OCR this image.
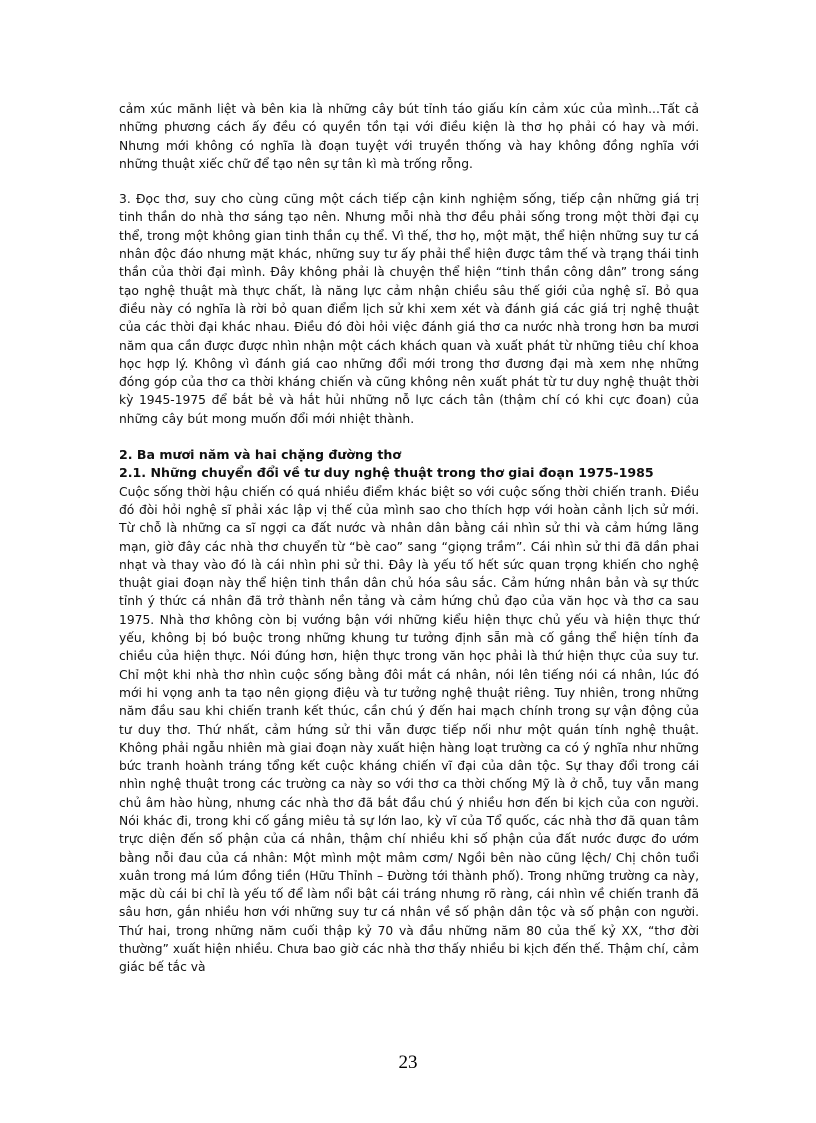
cảm xúc mãnh liệt và bên kia là những cây bút tỉnh táo giấu kín cảm xúc của mình...Tất cả những phương cách ấy đều có quyền tồn tại với điều kiện là thơ họ phải có hay và mới. Nhưng mới không có nghĩa là đoạn tuyệt với truyền thống và hay không đồng nghĩa với những thuật xiếc chữ để tạo nên sự tân kì mà trống rỗng.

3. Đọc thơ, suy cho cùng cũng một cách tiếp cận kinh nghiệm sống, tiếp cận những giá trị tinh thần do nhà thơ sáng tạo nên. Nhưng mỗi nhà thơ đều phải sống trong một thời đại cụ thể, trong một không gian tinh thần cụ thể. Vì thế, thơ họ, một mặt, thể hiện những suy tư cá nhân độc đáo nhưng mặt khác, những suy tư ấy phải thể hiện được tâm thế và trạng thái tinh thần của thời đại mình. Đây không phải là chuyện thể hiện “tinh thần công dân” trong sáng tạo nghệ thuật mà thực chất, là năng lực cảm nhận chiều sâu thế giới của nghệ sĩ. Bỏ qua điều này có nghĩa là rời bỏ quan điểm lịch sử khi xem xét và đánh giá các giá trị nghệ thuật của các thời đại khác nhau. Điều đó đòi hỏi việc đánh giá thơ ca nước nhà trong hơn ba mươi năm qua cần được được nhìn nhận một cách khách quan và xuất phát từ những tiêu chí khoa học hợp lý. Không vì đánh giá cao những đổi mới trong thơ đương đại mà xem nhẹ những đóng góp của thơ ca thời kháng chiến và cũng không nên xuất phát từ tư duy nghệ thuật thời kỳ 1945-1975 để bắt bẻ và hắt hủi những nỗ lực cách tân (thậm chí có khi cực đoan) của những cây bút mong muốn đổi mới nhiệt thành.

2. Ba mươi năm và hai chặng đường thơ

2.1. Những chuyển đổi về tư duy nghệ thuật trong thơ giai đoạn 1975-1985

Cuộc sống thời hậu chiến có quá nhiều điểm khác biệt so với cuộc sống thời chiến tranh. Điều đó đòi hỏi nghệ sĩ phải xác lập vị thế của mình sao cho thích hợp với hoàn cảnh lịch sử mới. Từ chỗ là những ca sĩ ngợi ca đất nước và nhân dân bằng cái nhìn sử thi và cảm hứng lãng mạn, giờ đây các nhà thơ chuyển từ “bè cao” sang “giọng trầm”. Cái nhìn sử thi đã dần phai nhạt và thay vào đó là cái nhìn phi sử thi. Đây là yếu tố hết sức quan trọng khiến cho nghệ thuật giai đoạn này thể hiện tinh thần dân chủ hóa sâu sắc. Cảm hứng nhân bản và sự thức tỉnh ý thức cá nhân đã trở thành nền tảng và cảm hứng chủ đạo của văn học và thơ ca sau 1975. Nhà thơ không còn bị vướng bận với những kiểu hiện thực chủ yếu và hiện thực thứ yếu, không bị bó buộc trong những khung tư tưởng định sẵn mà cố gắng thể hiện tính đa chiều của hiện thực. Nói đúng hơn, hiện thực trong văn học phải là thứ hiện thực của suy tư. Chỉ một khi nhà thơ nhìn cuộc sống bằng đôi mắt cá nhân, nói lên tiếng nói cá nhân, lúc đó mới hi vọng anh ta tạo nên giọng điệu và tư tưởng nghệ thuật riêng. Tuy nhiên, trong những năm đầu sau khi chiến tranh kết thúc, cần chú ý đến hai mạch chính trong sự vận động của tư duy thơ. Thứ nhất, cảm hứng sử thi vẫn được tiếp nối như một quán tính nghệ thuật. Không phải ngẫu nhiên mà giai đoạn này xuất hiện hàng loạt trường ca có ý nghĩa như những bức tranh hoành tráng tổng kết cuộc kháng chiến vĩ đại của dân tộc. Sự thay đổi trong cái nhìn nghệ thuật trong các trường ca này so với thơ ca thời chống Mỹ là ở chỗ, tuy vẫn mang chủ âm hào hùng, nhưng các nhà thơ đã bắt đầu chú ý nhiều hơn đến bi kịch của con người. Nói khác đi, trong khi cố gắng miêu tả sự lớn lao, kỳ vĩ của Tổ quốc, các nhà thơ đã quan tâm trực diện đến số phận của cá nhân, thậm chí nhiều khi số phận của đất nước được đo ướm bằng nỗi đau của cá nhân: Một mình một mâm cơm/ Ngồi bên nào cũng lệch/ Chị chôn tuổi xuân trong má lúm đồng tiền (Hữu Thỉnh – Đường tới thành phố). Trong những trường ca này, mặc dù cái bi chỉ là yếu tố để làm nổi bật cái tráng nhưng rõ ràng, cái nhìn về chiến tranh đã sâu hơn, gắn nhiều hơn với những suy tư cá nhân về số phận dân tộc và số phận con người. Thứ hai, trong những năm cuối thập kỷ 70 và đầu những năm 80 của thế kỷ XX, “thơ đời thường” xuất hiện nhiều. Chưa bao giờ các nhà thơ thấy nhiều bi kịch đến thế. Thậm chí, cảm giác bế tắc và

23
